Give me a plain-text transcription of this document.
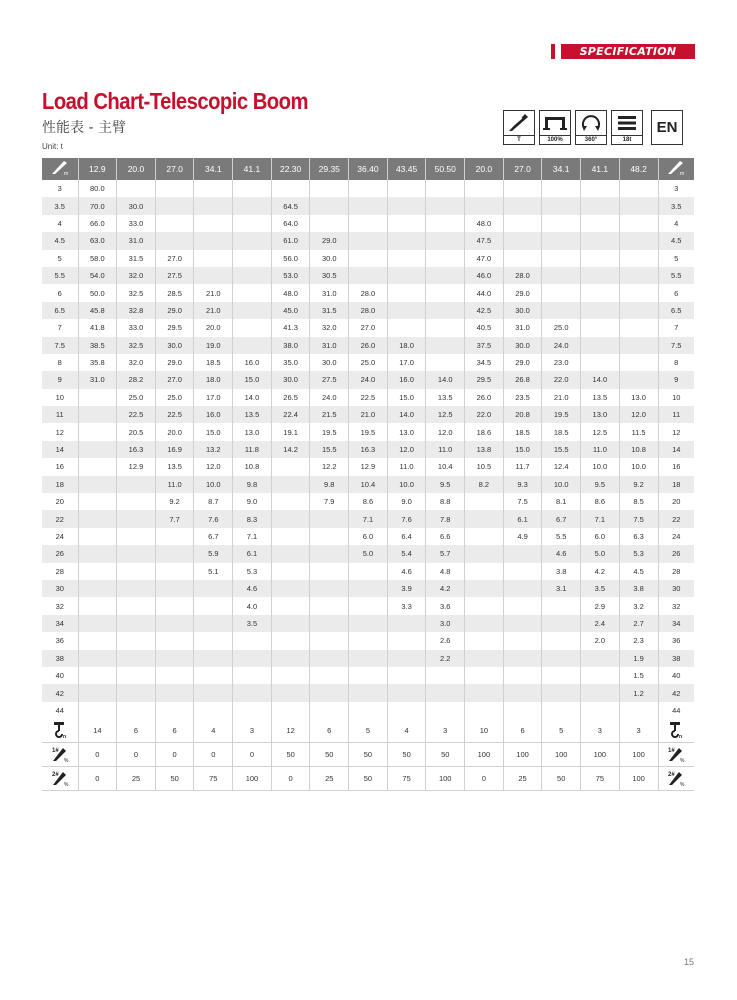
SPECIFICATION
Load Chart-Telescopic Boom
性能表 - 主臂
Unit: t
T	100%	360°	18t
EN
m	12.9	20.0	27.0	34.1	41.1	22.30	29.35	36.40	43.45	50.50	20.0	27.0	34.1	41.1	48.2	m

3	80.0															3
3.5	70.0	30.0				64.5										3.5
4	66.0	33.0				64.0					48.0					4
4.5	63.0	31.0				61.0	29.0				47.5					4.5
5	58.0	31.5	27.0			56.0	30.0				47.0					5
5.5	54.0	32.0	27.5			53.0	30.5				46.0	28.0				5.5
6	50.0	32.5	28.5	21.0		48.0	31.0	28.0			44.0	29.0				6
6.5	45.8	32.8	29.0	21.0		45.0	31.5	28.0			42.5	30.0				6.5
7	41.8	33.0	29.5	20.0		41.3	32.0	27.0			40.5	31.0	25.0			7
7.5	38.5	32.5	30.0	19.0		38.0	31.0	26.0	18.0		37.5	30.0	24.0			7.5
8	35.8	32.0	29.0	18.5	16.0	35.0	30.0	25.0	17.0		34.5	29.0	23.0			8
9	31.0	28.2	27.0	18.0	15.0	30.0	27.5	24.0	16.0	14.0	29.5	26.8	22.0	14.0		9
10		25.0	25.0	17.0	14.0	26.5	24.0	22.5	15.0	13.5	26.0	23.5	21.0	13.5	13.0	10
11		22.5	22.5	16.0	13.5	22.4	21.5	21.0	14.0	12.5	22.0	20.8	19.5	13.0	12.0	11
12		20.5	20.0	15.0	13.0	19.1	19.5	19.5	13.0	12.0	18.6	18.5	18.5	12.5	11.5	12
14		16.3	16.9	13.2	11.8	14.2	15.5	16.3	12.0	11.0	13.8	15.0	15.5	11.0	10.8	14
16		12.9	13.5	12.0	10.8		12.2	12.9	11.0	10.4	10.5	11.7	12.4	10.0	10.0	16
18			11.0	10.0	9.8		9.8	10.4	10.0	9.5	8.2	9.3	10.0	9.5	9.2	18
20			9.2	8.7	9.0		7.9	8.6	9.0	8.8		7.5	8.1	8.6	8.5	20
22			7.7	7.6	8.3			7.1	7.6	7.8		6.1	6.7	7.1	7.5	22
24				6.7	7.1			6.0	6.4	6.6		4.9	5.5	6.0	6.3	24
26				5.9	6.1			5.0	5.4	5.7			4.6	5.0	5.3	26
28				5.1	5.3				4.6	4.8			3.8	4.2	4.5	28
30					4.6				3.9	4.2			3.1	3.5	3.8	30
32					4.0				3.3	3.6				2.9	3.2	32
34					3.5					3.0				2.4	2.7	34
36										2.6				2.0	2.3	36
38										2.2					1.9	38
40															1.5	40
42															1.2	42
44																44

n	14	6	6	4	3	12	6	5	4	3	10	6	5	3	3	n

1#
%	0	0	0	0	0	50	50	50	50	50	100	100	100	100	100	1#
%

2#
%	0	25	50	75	100	0	25	50	75	100	0	25	50	75	100	2#
%
15
